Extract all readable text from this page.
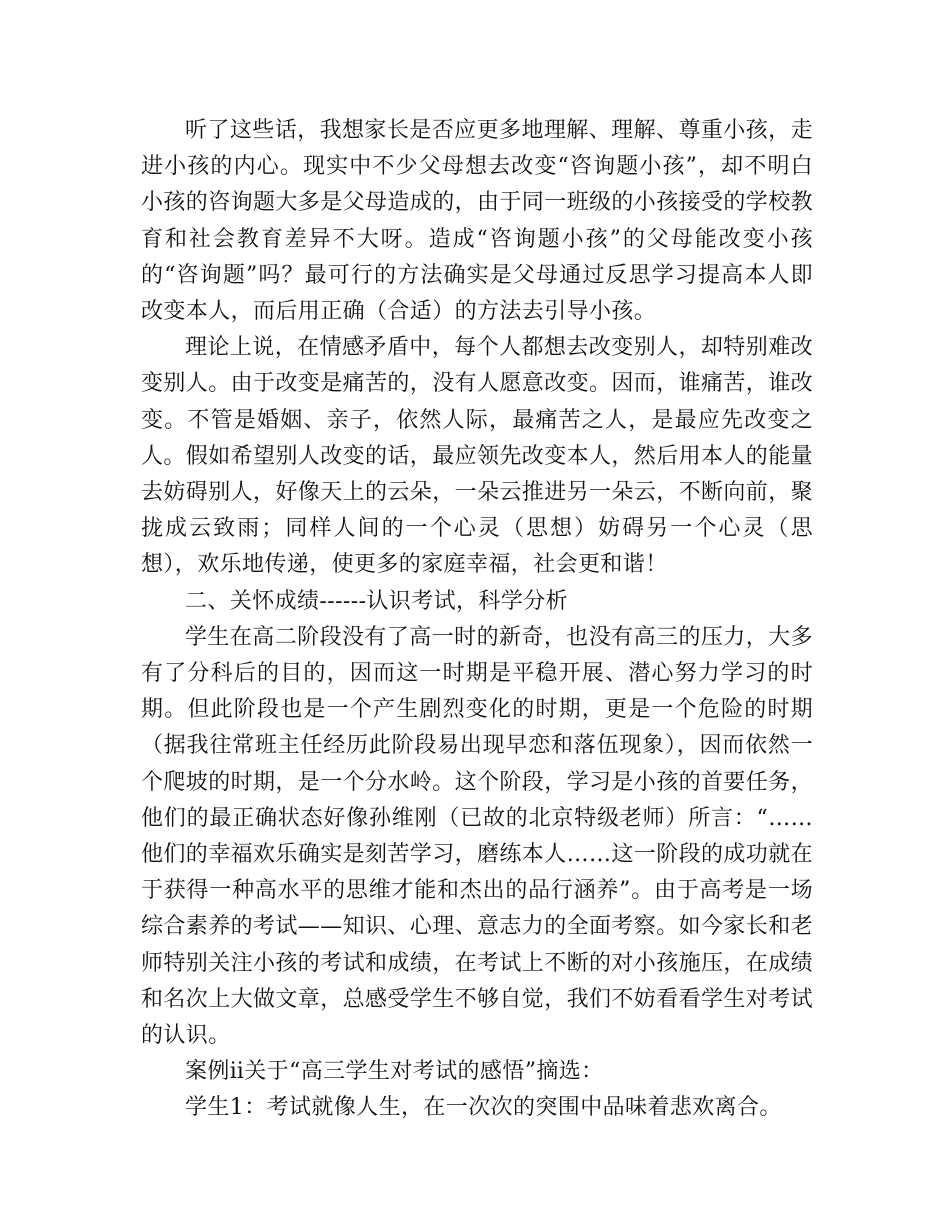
听了这些话，我想家长是否应更多地理解、理解、尊重小孩，走进小孩的内心。现实中不少父母想去改变“咨询题小孩”，却不明白小孩的咨询题大多是父母造成的，由于同一班级的小孩接受的学校教育和社会教育差异不大呀。造成“咨询题小孩”的父母能改变小孩的“咨询题”吗？最可行的方法确实是父母通过反思学习提高本人即改变本人，而后用正确（合适）的方法去引导小孩。

理论上说，在情感矛盾中，每个人都想去改变别人，却特别难改变别人。由于改变是痛苦的，没有人愿意改变。因而，谁痛苦，谁改变。不管是婚姻、亲子，依然人际，最痛苦之人，是最应先改变之人。假如希望别人改变的话，最应领先改变本人，然后用本人的能量去妨碍别人，好像天上的云朵，一朵云推进另一朵云，不断向前，聚拢成云致雨；同样人间的一个心灵（思想）妨碍另一个心灵（思想），欢乐地传递，使更多的家庭幸福，社会更和谐！

二、关怀成绩------认识考试，科学分析

学生在高二阶段没有了高一时的新奇，也没有高三的压力，大多有了分科后的目的，因而这一时期是平稳开展、潜心努力学习的时期。但此阶段也是一个产生剧烈变化的时期，更是一个危险的时期（据我往常班主任经历此阶段易出现早恋和落伍现象），因而依然一个爬坡的时期，是一个分水岭。这个阶段，学习是小孩的首要任务，他们的最正确状态好像孙维刚（已故的北京特级老师）所言：“……他们的幸福欢乐确实是刻苦学习，磨练本人……这一阶段的成功就在于获得一种高水平的思维才能和杰出的品行涵养”。由于高考是一场综合素养的考试——知识、心理、意志力的全面考察。如今家长和老师特别关注小孩的考试和成绩，在考试上不断的对小孩施压，在成绩和名次上大做文章，总感受学生不够自觉，我们不妨看看学生对考试的认识。

案例ⅱ关于“高三学生对考试的感悟”摘选：

学生1：考试就像人生，在一次次的突围中品味着悲欢离合。
